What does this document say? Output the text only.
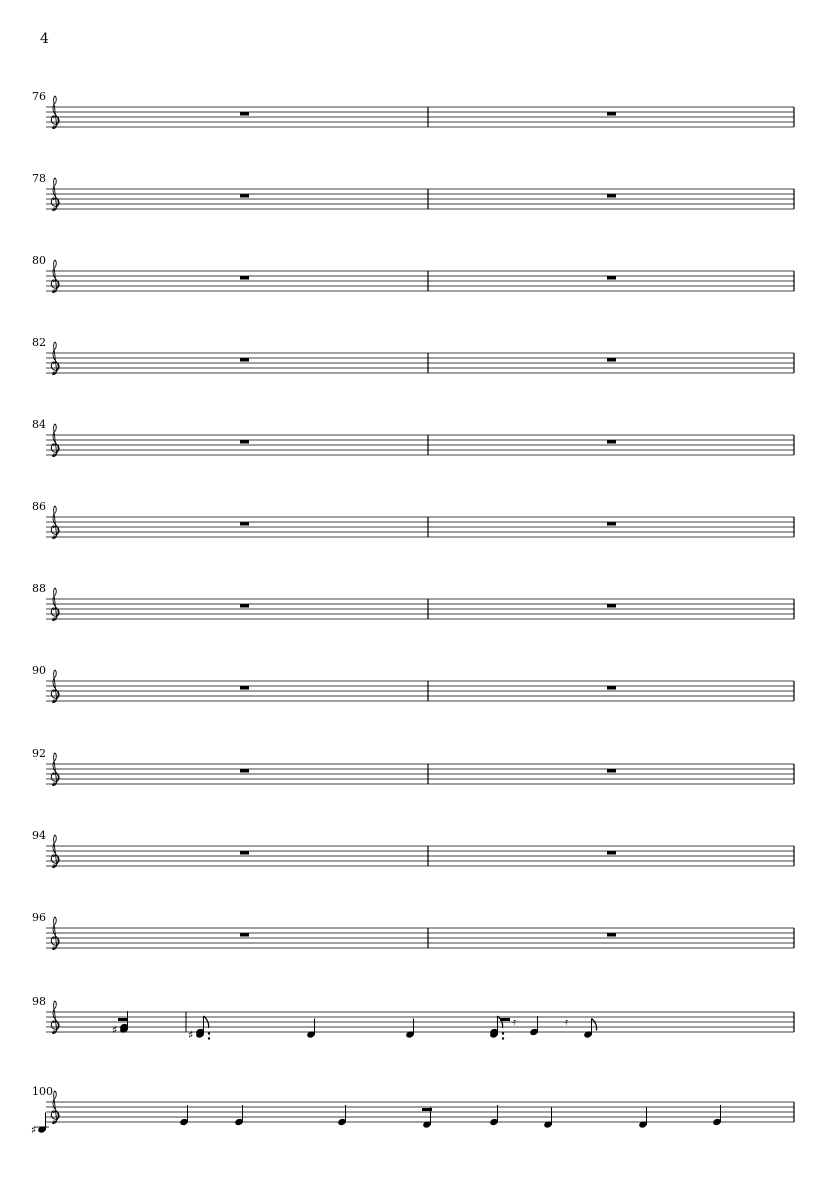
4
76
78
80
82
84
86
88
90
92
94
96
98
♯	♯
𝄿	𝄿
100
♯
